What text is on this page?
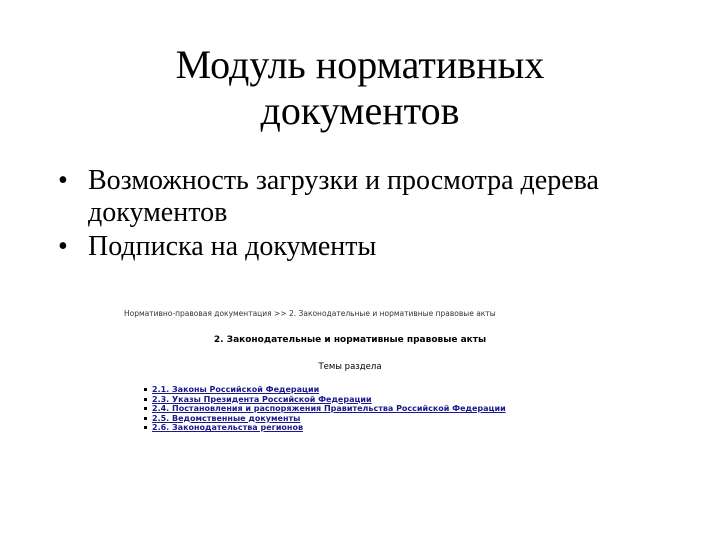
Модуль нормативных
документов
• Возможность загрузки и просмотра дерева документов
• Подписка на документы
Нормативно-правовая документация >> 2. Законодательные и нормативные правовые акты
2. Законодательные и нормативные правовые акты
Темы раздела
2.1. Законы Российской Федерации
2.3. Указы Президента Российской Федерации
2.4. Постановления и распоряжения Правительства Российской Федерации
2.5. Ведомственные документы
2.6. Законодательства регионов
